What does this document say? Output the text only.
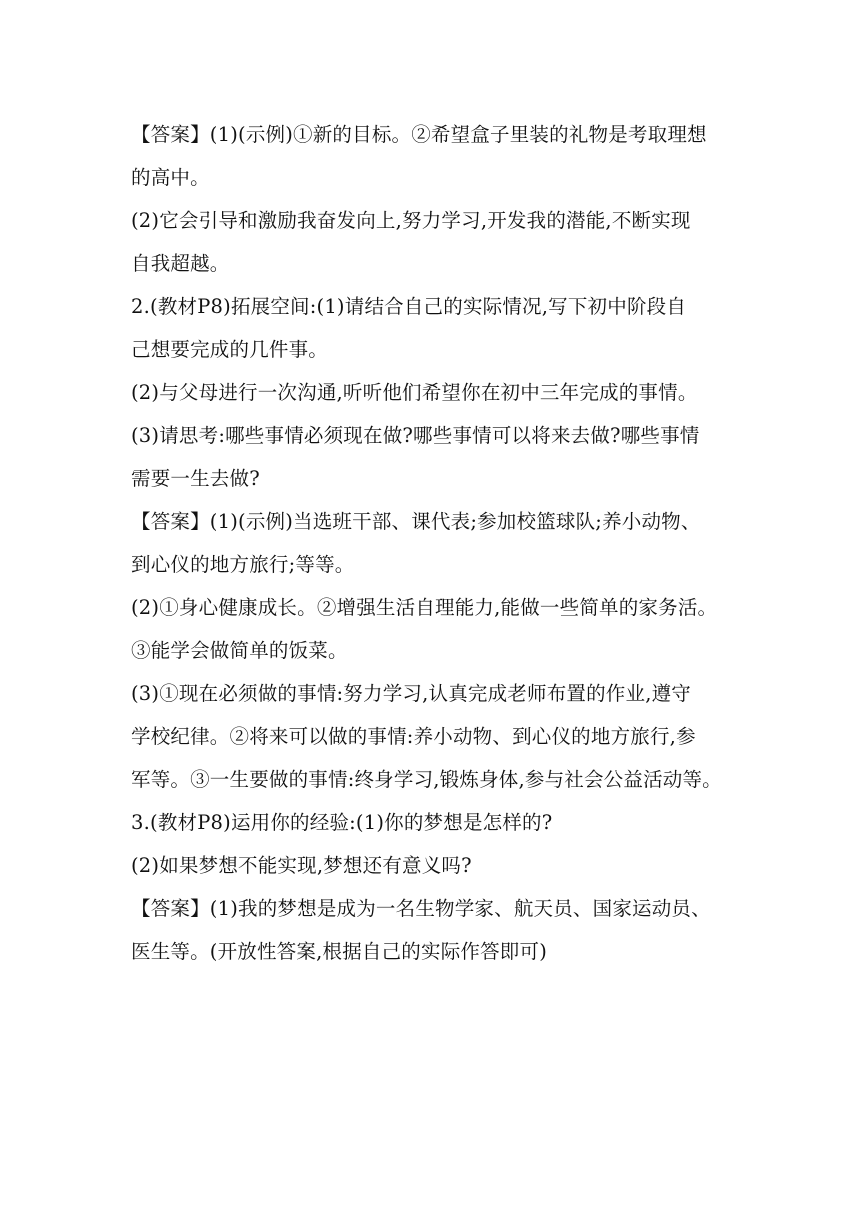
【答案】(1)(示例)①新的目标。②希望盒子里装的礼物是考取理想
的高中。
(2)它会引导和激励我奋发向上,努力学习,开发我的潜能,不断实现
自我超越。
2.(教材P8)拓展空间:(1)请结合自己的实际情况,写下初中阶段自
己想要完成的几件事。
(2)与父母进行一次沟通,听听他们希望你在初中三年完成的事情。
(3)请思考:哪些事情必须现在做?哪些事情可以将来去做?哪些事情
需要一生去做?
【答案】(1)(示例)当选班干部、课代表;参加校篮球队;养小动物、
到心仪的地方旅行;等等。
(2)①身心健康成长。②增强生活自理能力,能做一些简单的家务活。
③能学会做简单的饭菜。
(3)①现在必须做的事情:努力学习,认真完成老师布置的作业,遵守
学校纪律。②将来可以做的事情:养小动物、到心仪的地方旅行,参
军等。③一生要做的事情:终身学习,锻炼身体,参与社会公益活动等。
3.(教材P8)运用你的经验:(1)你的梦想是怎样的?
(2)如果梦想不能实现,梦想还有意义吗?
【答案】(1)我的梦想是成为一名生物学家、航天员、国家运动员、
医生等。(开放性答案,根据自己的实际作答即可)
